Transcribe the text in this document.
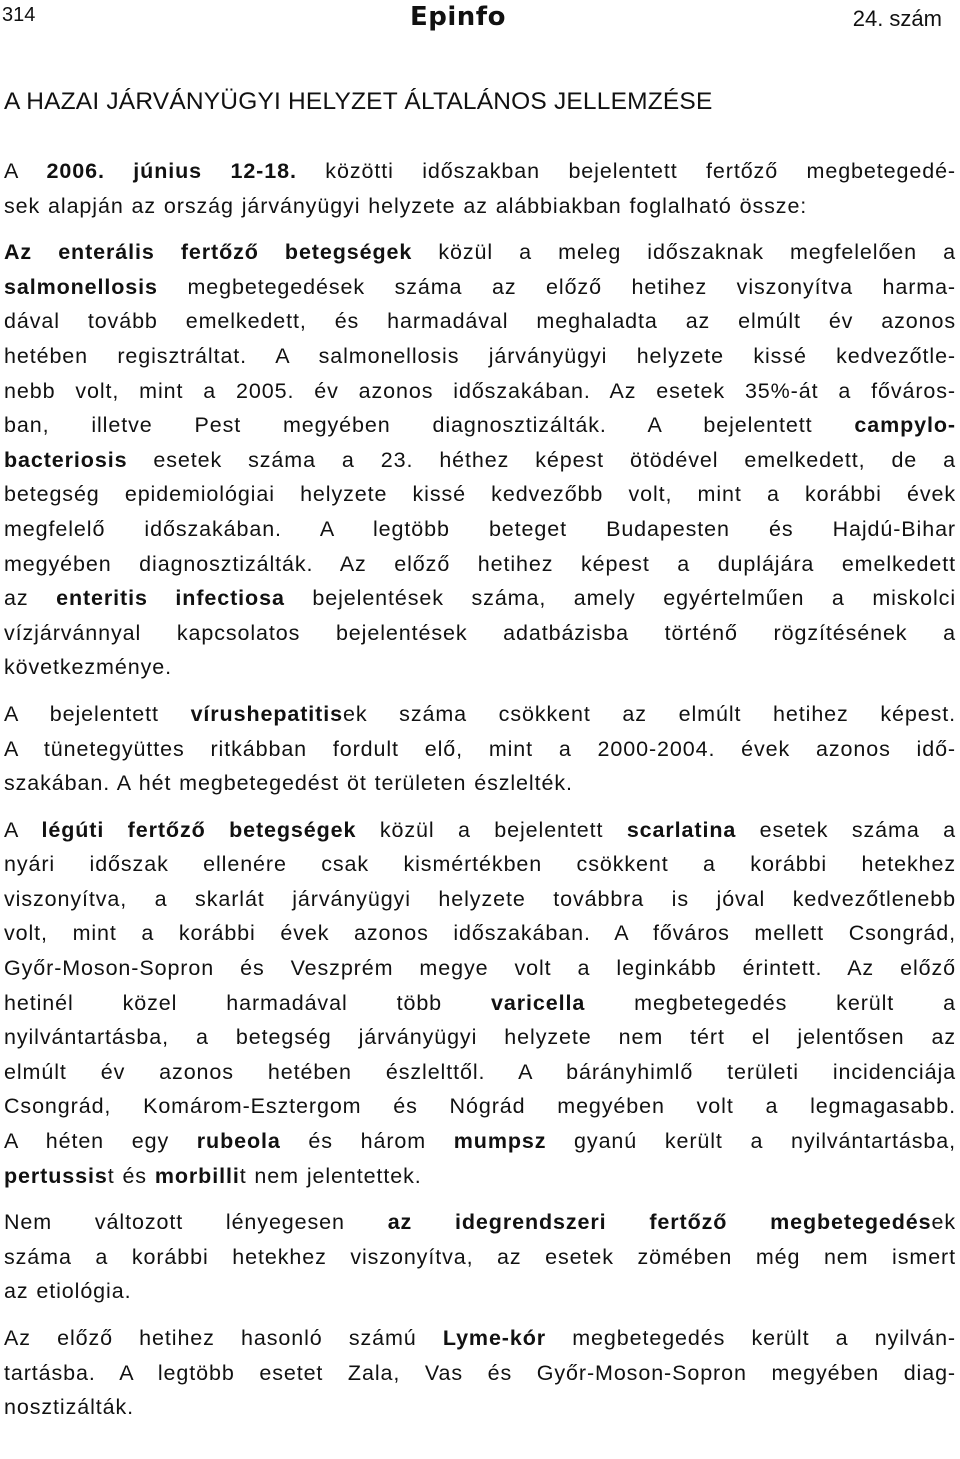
314	Epinfo	24. szám
A HAZAI JÁRVÁNYÜGYI HELYZET ÁLTALÁNOS JELLEMZÉSE
A 2006. június 12-18. közötti időszakban bejelentett fertőző megbetegedé-
sek alapján az ország járványügyi helyzete az alábbiakban foglalható össze:
Az enterális fertőző betegségek közül a meleg időszaknak megfelelően a
salmonellosis megbetegedések száma az előző hetihez viszonyítva harma-
dával tovább emelkedett, és harmadával meghaladta az elmúlt év azonos
hetében regisztráltat. A salmonellosis járványügyi helyzete kissé kedvezőtle-
nebb volt, mint a 2005. év azonos időszakában. Az esetek 35%-át a főváros-
ban, illetve Pest megyében diagnosztizálták. A bejelentett campylo-
bacteriosis esetek száma a 23. héthez képest ötödével emelkedett, de a
betegség epidemiológiai helyzete kissé kedvezőbb volt, mint a korábbi évek
megfelelő időszakában. A legtöbb beteget Budapesten és Hajdú-Bihar
megyében diagnosztizálták. Az előző hetihez képest a duplájára emelkedett
az enteritis infectiosa bejelentések száma, amely egyértelműen a miskolci
vízjárvánnyal kapcsolatos bejelentések adatbázisba történő rögzítésének a
következménye.
A bejelentett vírushepatitisek száma csökkent az elmúlt hetihez képest.
A tünetegyüttes ritkábban fordult elő, mint a 2000-2004. évek azonos idő-
szakában. A hét megbetegedést öt területen észlelték.
A légúti fertőző betegségek közül a bejelentett scarlatina esetek száma a
nyári időszak ellenére csak kismértékben csökkent a korábbi hetekhez
viszonyítva, a skarlát járványügyi helyzete továbbra is jóval kedvezőtlenebb
volt, mint a korábbi évek azonos időszakában. A főváros mellett Csongrád,
Győr-Moson-Sopron és Veszprém megye volt a leginkább érintett. Az előző
hetinél közel harmadával több varicella megbetegedés került a
nyilvántartásba, a betegség járványügyi helyzete nem tért el jelentősen az
elmúlt év azonos hetében észlelttől. A bárányhimlő területi incidenciája
Csongrád, Komárom-Esztergom és Nógrád megyében volt a legmagasabb.
A héten egy rubeola és három mumpsz gyanú került a nyilvántartásba,
pertussist és morbillit nem jelentettek.
Nem változott lényegesen az idegrendszeri fertőző megbetegedések
száma a korábbi hetekhez viszonyítva, az esetek zömében még nem ismert
az etiológia.
Az előző hetihez hasonló számú Lyme-kór megbetegedés került a nyilván-
tartásba. A legtöbb esetet Zala, Vas és Győr-Moson-Sopron megyében diag-
nosztizálták.
